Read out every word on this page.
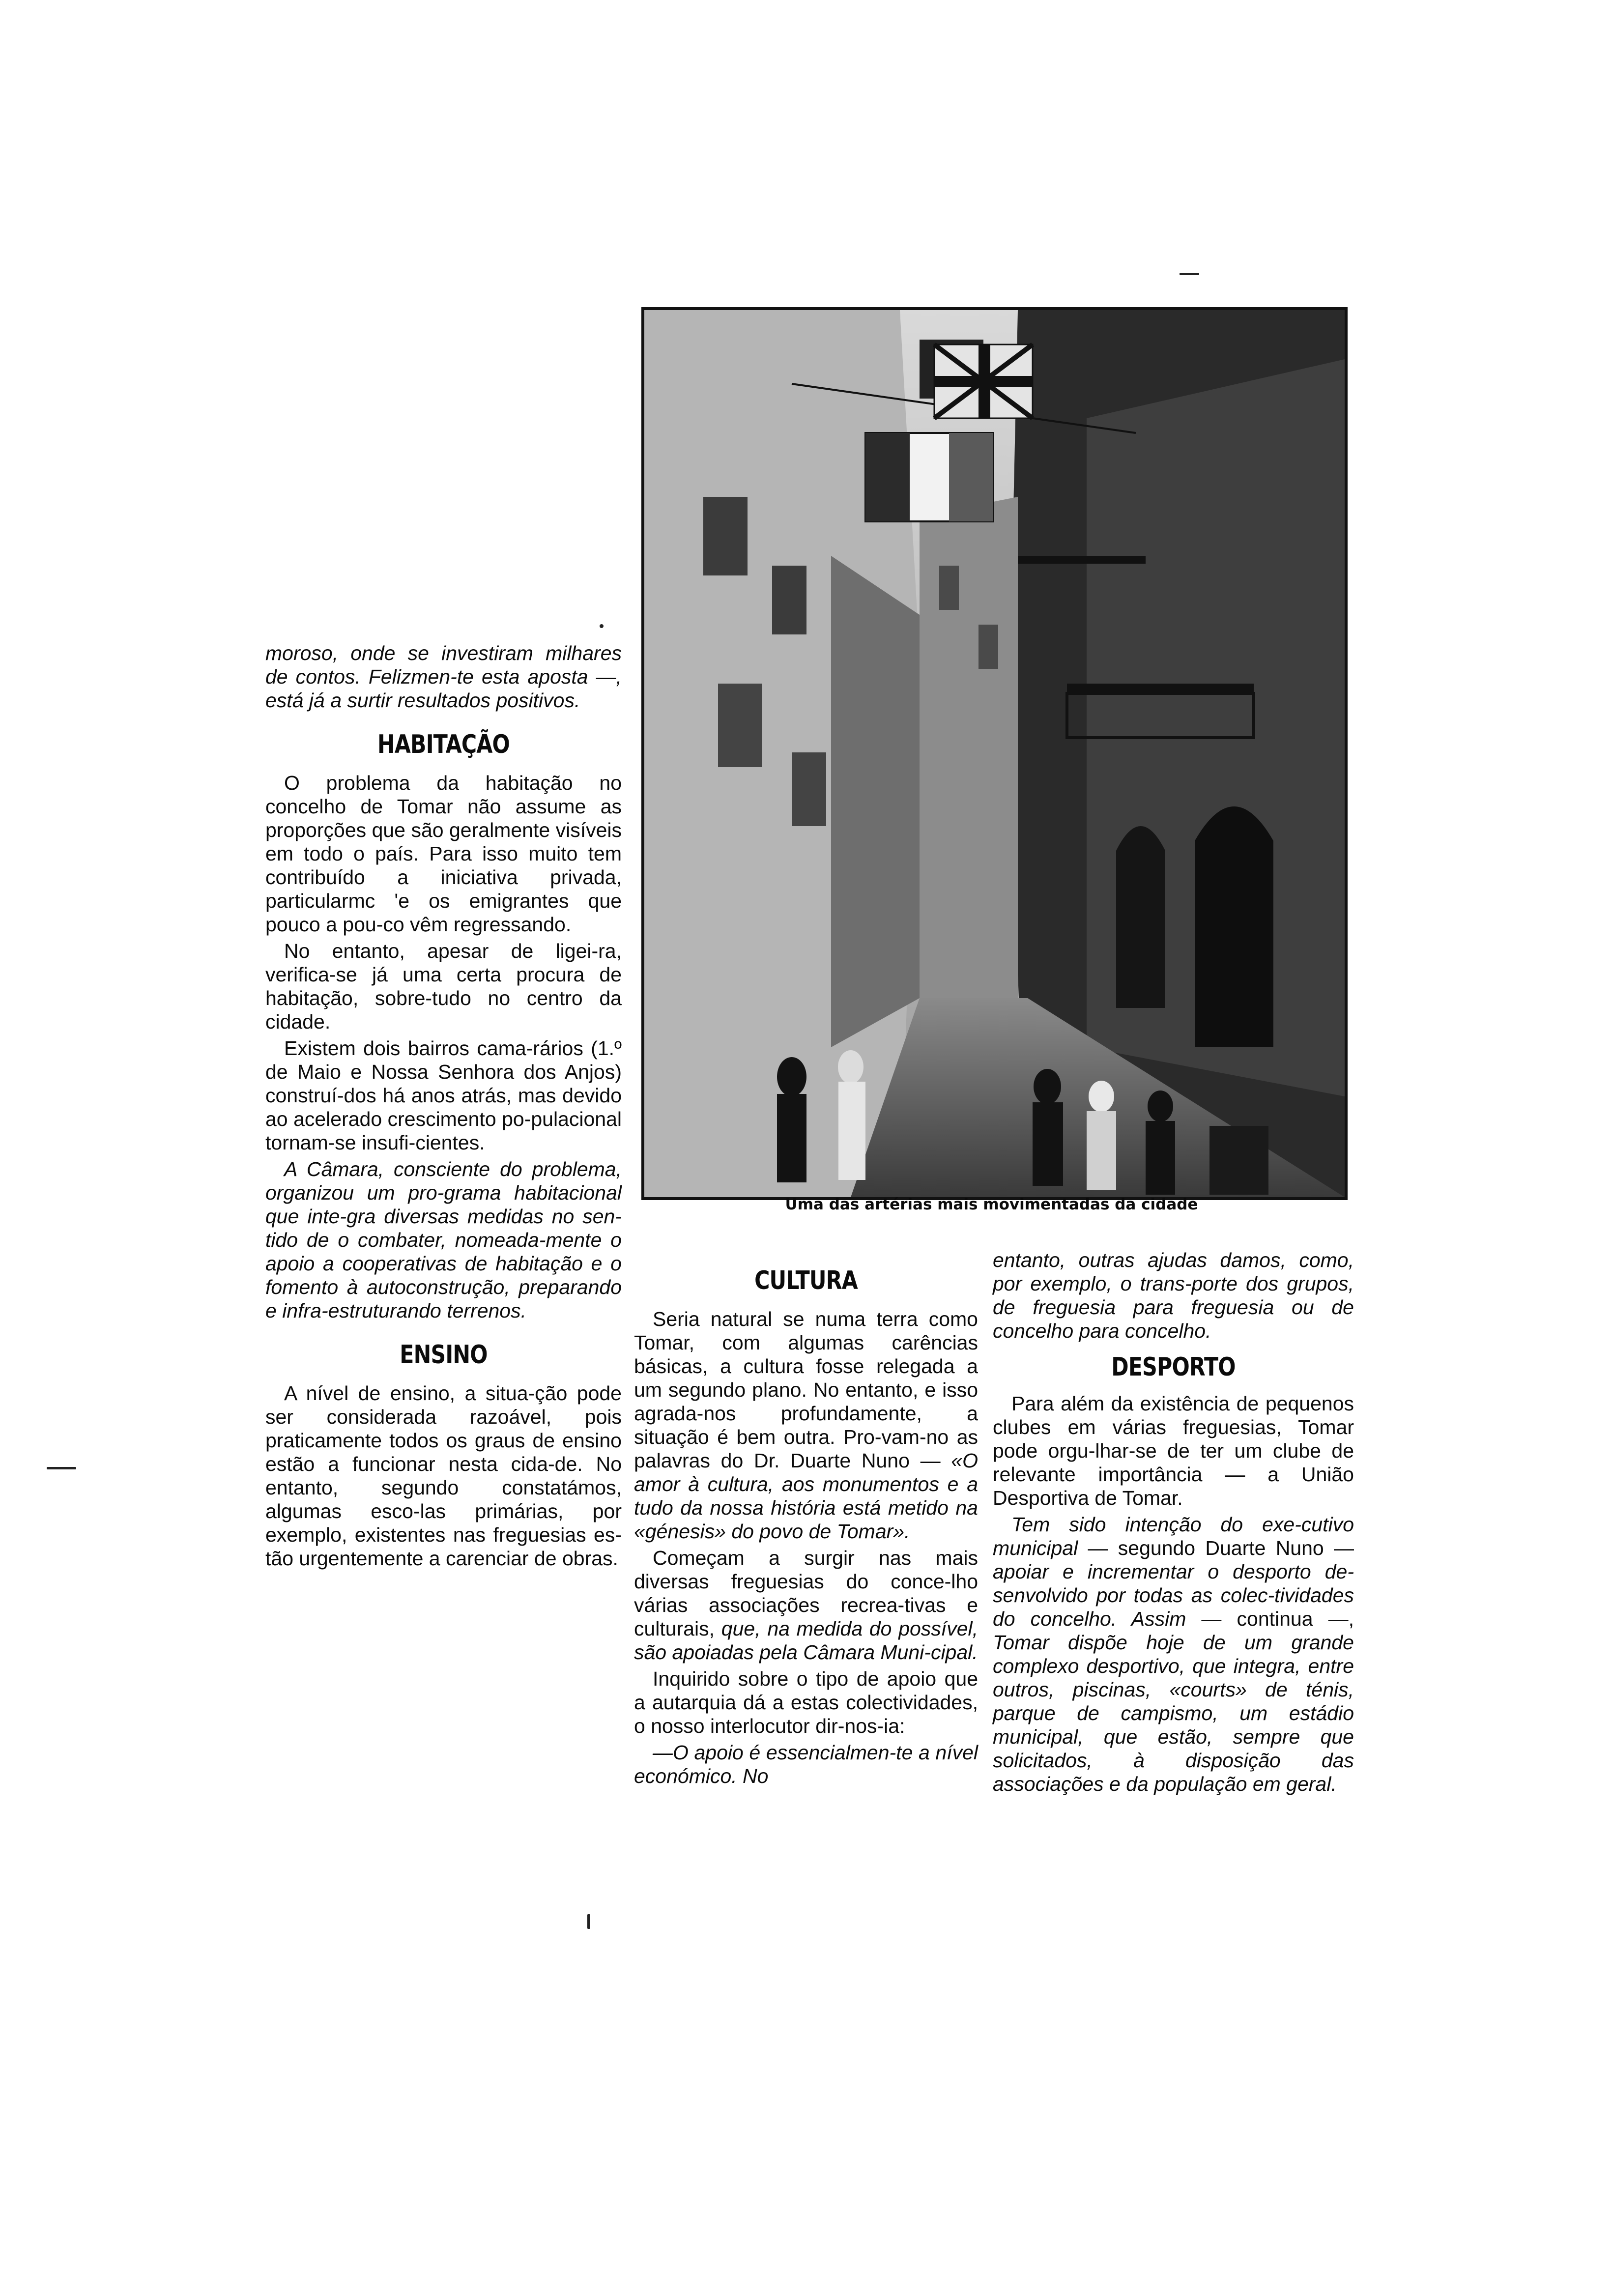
moroso, onde se investiram milhares de contos. Felizmen-te esta aposta —, está já a surtir resultados positivos.

HABITAÇÃO

O problema da habitação no concelho de Tomar não assume as proporções que são geralmente visíveis em todo o país. Para isso muito tem contribuído a iniciativa privada, particularmc 'e os emigrantes que pouco a pou-co vêm regressando.

No entanto, apesar de ligei-ra, verifica-se já uma certa procura de habitação, sobre-tudo no centro da cidade.

Existem dois bairros cama-rários (1.º de Maio e Nossa Senhora dos Anjos) construí-dos há anos atrás, mas devido ao acelerado crescimento po-pulacional tornam-se insufi-cientes.

A Câmara, consciente do problema, organizou um pro-grama habitacional que inte-gra diversas medidas no sen-tido de o combater, nomeada-mente o apoio a cooperativas de habitação e o fomento à autoconstrução, preparando e infra-estruturando terrenos.

ENSINO

A nível de ensino, a situa-ção pode ser considerada razoável, pois praticamente todos os graus de ensino estão a funcionar nesta cida-de. No entanto, segundo constatámos, algumas esco-las primárias, por exemplo, existentes nas freguesias es-tão urgentemente a carenciar de obras.

Uma das artérias mais movimentadas da cidade
CULTURA

Seria natural se numa terra como Tomar, com algumas carências básicas, a cultura fosse relegada a um segundo plano. No entanto, e isso agrada-nos profundamente, a situação é bem outra. Pro-vam-no as palavras do Dr. Duarte Nuno — «O amor à cultura, aos monumentos e a tudo da nossa história está metido na «génesis» do povo de Tomar».

Começam a surgir nas mais diversas freguesias do conce-lho várias associações recrea-tivas e culturais, que, na medida do possível, são apoiadas pela Câmara Muni-cipal.

Inquirido sobre o tipo de apoio que a autarquia dá a estas colectividades, o nosso interlocutor dir-nos-ia:

—O apoio é essencialmen-te a nível económico. No

entanto, outras ajudas damos, como, por exemplo, o trans-porte dos grupos, de freguesia para freguesia ou de concelho para concelho.

DESPORTO

Para além da existência de pequenos clubes em várias freguesias, Tomar pode orgu-lhar-se de ter um clube de relevante importância — a União Desportiva de Tomar.

Tem sido intenção do exe-cutivo municipal — segundo Duarte Nuno — apoiar e incrementar o desporto de-senvolvido por todas as colec-tividades do concelho. Assim — continua —, Tomar dispõe hoje de um grande complexo desportivo, que integra, entre outros, piscinas, «courts» de ténis, parque de campismo, um estádio municipal, que estão, sempre que solicitados, à disposição das associações e da população em geral.
